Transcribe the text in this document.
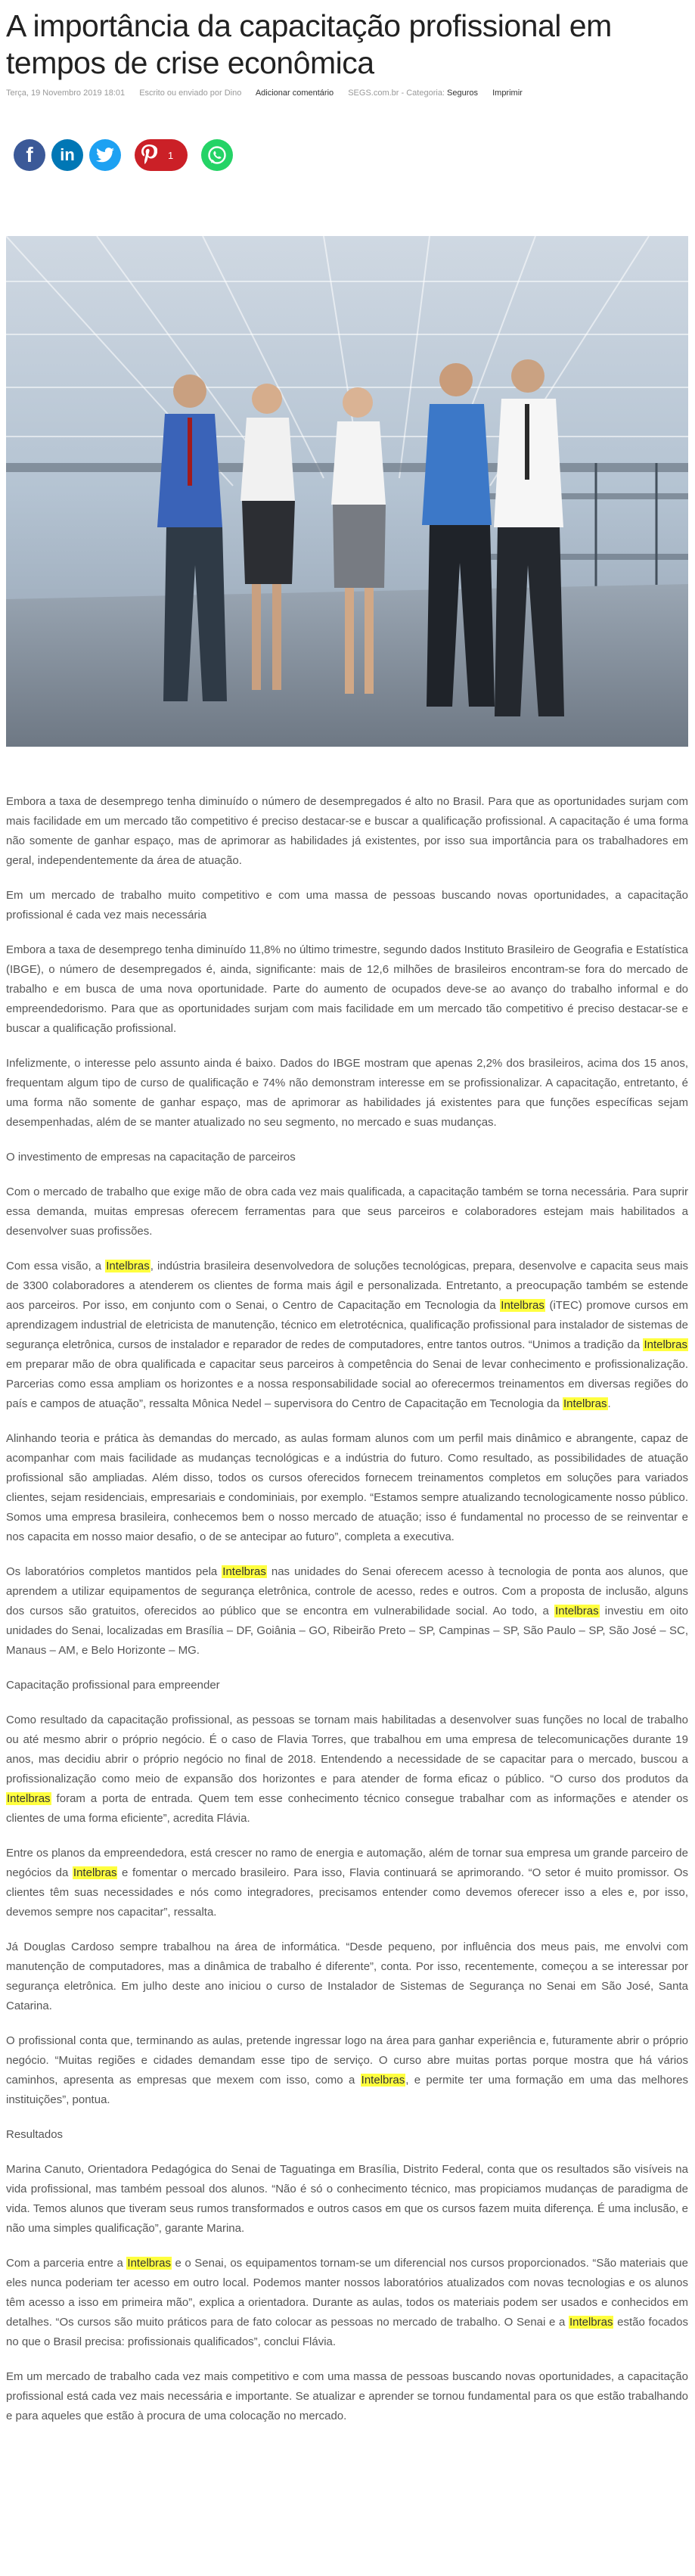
A importância da capacitação profissional em tempos de crise econômica
Terça, 19 Novembro 2019 18:01 Escrito ou enviado por Dino Adicionar comentário SEGS.com.br - Categoria: Seguros Imprimir
f in	1

Embora a taxa de desemprego tenha diminuído o número de desempregados é alto no Brasil. Para que as oportunidades surjam com mais facilidade em um mercado tão competitivo é preciso destacar-se e buscar a qualificação profissional. A capacitação é uma forma não somente de ganhar espaço, mas de aprimorar as habilidades já existentes, por isso sua importância para os trabalhadores em geral, independentemente da área de atuação.

Em um mercado de trabalho muito competitivo e com uma massa de pessoas buscando novas oportunidades, a capacitação profissional é cada vez mais necessária

Embora a taxa de desemprego tenha diminuído 11,8% no último trimestre, segundo dados Instituto Brasileiro de Geografia e Estatística (IBGE), o número de desempregados é, ainda, significante: mais de 12,6 milhões de brasileiros encontram-se fora do mercado de trabalho e em busca de uma nova oportunidade. Parte do aumento de ocupados deve-se ao avanço do trabalho informal e do empreendedorismo. Para que as oportunidades surjam com mais facilidade em um mercado tão competitivo é preciso destacar-se e buscar a qualificação profissional.

Infelizmente, o interesse pelo assunto ainda é baixo. Dados do IBGE mostram que apenas 2,2% dos brasileiros, acima dos 15 anos, frequentam algum tipo de curso de qualificação e 74% não demonstram interesse em se profissionalizar. A capacitação, entretanto, é uma forma não somente de ganhar espaço, mas de aprimorar as habilidades já existentes para que funções específicas sejam desempenhadas, além de se manter atualizado no seu segmento, no mercado e suas mudanças.

O investimento de empresas na capacitação de parceiros

Com o mercado de trabalho que exige mão de obra cada vez mais qualificada, a capacitação também se torna necessária. Para suprir essa demanda, muitas empresas oferecem ferramentas para que seus parceiros e colaboradores estejam mais habilitados a desenvolver suas profissões.

Com essa visão, a Intelbras, indústria brasileira desenvolvedora de soluções tecnológicas, prepara, desenvolve e capacita seus mais de 3300 colaboradores a atenderem os clientes de forma mais ágil e personalizada. Entretanto, a preocupação também se estende aos parceiros. Por isso, em conjunto com o Senai, o Centro de Capacitação em Tecnologia da Intelbras (iTEC) promove cursos em aprendizagem industrial de eletricista de manutenção, técnico em eletrotécnica, qualificação profissional para instalador de sistemas de segurança eletrônica, cursos de instalador e reparador de redes de computadores, entre tantos outros. “Unimos a tradição da Intelbras em preparar mão de obra qualificada e capacitar seus parceiros à competência do Senai de levar conhecimento e profissionalização. Parcerias como essa ampliam os horizontes e a nossa responsabilidade social ao oferecermos treinamentos em diversas regiões do país e campos de atuação”, ressalta Mônica Nedel – supervisora do Centro de Capacitação em Tecnologia da Intelbras.

Alinhando teoria e prática às demandas do mercado, as aulas formam alunos com um perfil mais dinâmico e abrangente, capaz de acompanhar com mais facilidade as mudanças tecnológicas e a indústria do futuro. Como resultado, as possibilidades de atuação profissional são ampliadas. Além disso, todos os cursos oferecidos fornecem treinamentos completos em soluções para variados clientes, sejam residenciais, empresariais e condominiais, por exemplo. “Estamos sempre atualizando tecnologicamente nosso público. Somos uma empresa brasileira, conhecemos bem o nosso mercado de atuação; isso é fundamental no processo de se reinventar e nos capacita em nosso maior desafio, o de se antecipar ao futuro”, completa a executiva.

Os laboratórios completos mantidos pela Intelbras nas unidades do Senai oferecem acesso à tecnologia de ponta aos alunos, que aprendem a utilizar equipamentos de segurança eletrônica, controle de acesso, redes e outros. Com a proposta de inclusão, alguns dos cursos são gratuitos, oferecidos ao público que se encontra em vulnerabilidade social. Ao todo, a Intelbras investiu em oito unidades do Senai, localizadas em Brasília – DF, Goiânia – GO, Ribeirão Preto – SP, Campinas – SP, São Paulo – SP, São José – SC, Manaus – AM, e Belo Horizonte – MG.

Capacitação profissional para empreender

Como resultado da capacitação profissional, as pessoas se tornam mais habilitadas a desenvolver suas funções no local de trabalho ou até mesmo abrir o próprio negócio. É o caso de Flavia Torres, que trabalhou em uma empresa de telecomunicações durante 19 anos, mas decidiu abrir o próprio negócio no final de 2018. Entendendo a necessidade de se capacitar para o mercado, buscou a profissionalização como meio de expansão dos horizontes e para atender de forma eficaz o público. “O curso dos produtos da Intelbras foram a porta de entrada. Quem tem esse conhecimento técnico consegue trabalhar com as informações e atender os clientes de uma forma eficiente”, acredita Flávia.

Entre os planos da empreendedora, está crescer no ramo de energia e automação, além de tornar sua empresa um grande parceiro de negócios da Intelbras e fomentar o mercado brasileiro. Para isso, Flavia continuará se aprimorando. “O setor é muito promissor. Os clientes têm suas necessidades e nós como integradores, precisamos entender como devemos oferecer isso a eles e, por isso, devemos sempre nos capacitar”, ressalta.

Já Douglas Cardoso sempre trabalhou na área de informática. “Desde pequeno, por influência dos meus pais, me envolvi com manutenção de computadores, mas a dinâmica de trabalho é diferente”, conta. Por isso, recentemente, começou a se interessar por segurança eletrônica. Em julho deste ano iniciou o curso de Instalador de Sistemas de Segurança no Senai em São José, Santa Catarina.

O profissional conta que, terminando as aulas, pretende ingressar logo na área para ganhar experiência e, futuramente abrir o próprio negócio. “Muitas regiões e cidades demandam esse tipo de serviço. O curso abre muitas portas porque mostra que há vários caminhos, apresenta as empresas que mexem com isso, como a Intelbras, e permite ter uma formação em uma das melhores instituições”, pontua.

Resultados

Marina Canuto, Orientadora Pedagógica do Senai de Taguatinga em Brasília, Distrito Federal, conta que os resultados são visíveis na vida profissional, mas também pessoal dos alunos. “Não é só o conhecimento técnico, mas propiciamos mudanças de paradigma de vida. Temos alunos que tiveram seus rumos transformados e outros casos em que os cursos fazem muita diferença. É uma inclusão, e não uma simples qualificação”, garante Marina.

Com a parceria entre a Intelbras e o Senai, os equipamentos tornam-se um diferencial nos cursos proporcionados. “São materiais que eles nunca poderiam ter acesso em outro local. Podemos manter nossos laboratórios atualizados com novas tecnologias e os alunos têm acesso a isso em primeira mão”, explica a orientadora. Durante as aulas, todos os materiais podem ser usados e conhecidos em detalhes. “Os cursos são muito práticos para de fato colocar as pessoas no mercado de trabalho. O Senai e a Intelbras estão focados no que o Brasil precisa: profissionais qualificados”, conclui Flávia.

Em um mercado de trabalho cada vez mais competitivo e com uma massa de pessoas buscando novas oportunidades, a capacitação profissional está cada vez mais necessária e importante. Se atualizar e aprender se tornou fundamental para os que estão trabalhando e para aqueles que estão à procura de uma colocação no mercado.
